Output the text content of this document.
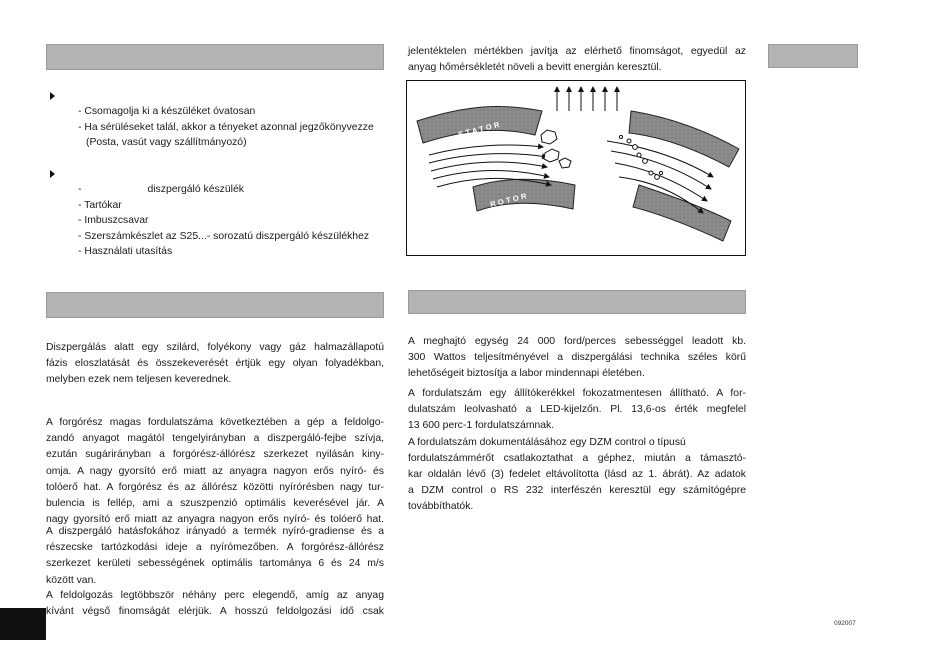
- Csomagolja ki a készüléket óvatosan
- Ha sérüléseket talál, akkor a tényeket azonnal jegzőkönyvezze
(Posta, vasút vagy szállítmányozó)
-	diszpergáló készülék
- Tartókar
- Imbuszcsavar
- Szerszámkészlet az S25...- sorozatú diszpergáló készülékhez
- Használati utasítás
Diszpergálás alatt egy szilárd, folyékony vagy gáz halmazállapotú
fázis eloszlatását és összekeverését értjük egy olyan folyadékban,
melyben ezek nem teljesen keverednek.
A forgórész magas fordulatszáma következtében a gép a feldolgo-
zandó anyagot magától tengelyirányban a diszpergáló-fejbe szívja,
ezután sugárirányban a forgórész-állórész szerkezet nyilásán kiny-
omja. A nagy gyorsító erő miatt az anyagra nagyon erős nyíró- és
tolóerő hat. A forgórész és az állórész közötti nyírórésben nagy tur-
bulencia is fellép, ami a szuszpenzió optimális keverésével jár. A
nagy gyorsító erő miatt az anyagra nagyon erős nyíró- és tolóerő hat.
A diszpergáló hatásfokához irányadó a termék nyíró-gradiense és a
részecske tartózkodási ideje a nyírómezőben. A forgórész-állórész
szerkezet kerületi sebességének optimális tartománya 6 és 24 m/s
között van.
A feldolgozás legtöbbször néhány perc elegendő, amíg az anyag
kívánt végső finomságát elérjük. A hosszú feldolgozási idő csak
jelentéktelen mértékben javítja az elérhető finomságot, egyedül az
anyag hőmérsékletét növeli a bevitt energián keresztül.
STATOR
ROTOR
A meghajtó egység 24 000 ford/perces sebességgel leadott kb.
300 Wattos teljesítményével a diszpergálási technika széles körű
lehetőségeit biztosítja a labor mindennapi életében.
A fordulatszám egy állítókerékkel fokozatmentesen állítható. A for-
dulatszám leolvasható a LED-kijelzőn. Pl. 13,6-os érték megfelel
13 600 perc-1 fordulatszámnak.
A fordulatszám dokumentálásához egy DZM control o típusú
fordulatszámmérőt csatlakoztathat a géphez, miután a támasztó-
kar oldalán lévő (3) fedelet eltávolította (lásd az 1. ábrát). Az adatok
a DZM control o RS 232 interfészén keresztül egy számítógépre
továbbíthatók.
092007
